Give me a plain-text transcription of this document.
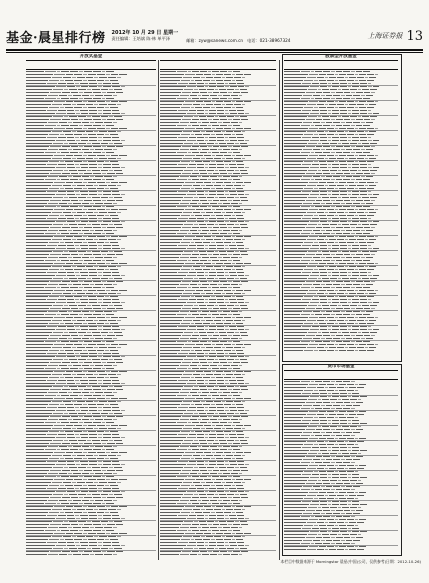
基金·晨星排行榜 2012年 10 月 29 日 星期一
责任编辑：王培斌 陈·林 单平泽	邮箱：zyw@sanews.com.cn 电话：021-38967324
上海证券报 13
开放式基金	股票型开放基金
货币市场基金
本栏目中数据来源于 Morningstar 晨星(中国)公司，仅供参考(日期：2012-10-26)
